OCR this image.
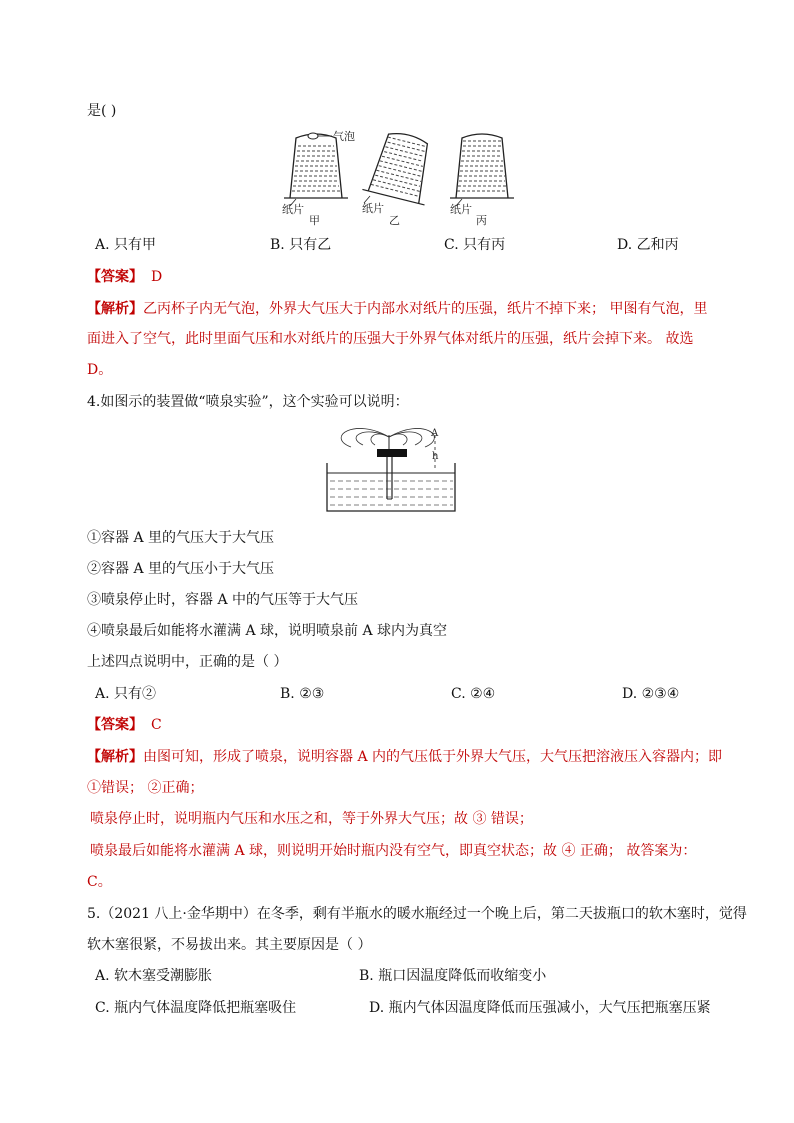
是( )
气泡
纸片
甲
纸片
乙
纸片
丙
A. 只有甲	B. 只有乙	C. 只有丙	D. 乙和丙
【答案】 D
【解析】乙丙杯子内无气泡，外界大气压大于内部水对纸片的压强，纸片不掉下来； 甲图有气泡，里
面进入了空气，此时里面气压和水对纸片的压强大于外界气体对纸片的压强，纸片会掉下来。 故选
D。
4.如图示的装置做“喷泉实验”，这个实验可以说明：
A
h
①容器 A 里的气压大于大气压
②容器 A 里的气压小于大气压
③喷泉停止时，容器 A 中的气压等于大气压
④喷泉最后如能将水灌满 A 球，说明喷泉前 A 球内为真空
上述四点说明中，正确的是（ ）
A. 只有②	B. ②③	C. ②④	D. ②③④
【答案】 C
【解析】由图可知，形成了喷泉，说明容器 A 内的气压低于外界大气压，大气压把溶液压入容器内；即
①错误； ②正确；
喷泉停止时，说明瓶内气压和水压之和，等于外界大气压；故 ③ 错误；
喷泉最后如能将水灌满 A 球，则说明开始时瓶内没有空气，即真空状态；故 ④ 正确； 故答案为：
C。
5.（2021 八上·金华期中）在冬季，剩有半瓶水的暖水瓶经过一个晚上后，第二天拔瓶口的软木塞时，觉得
软木塞很紧，不易拔出来。其主要原因是（ ）
A. 软木塞受潮膨胀	B. 瓶口因温度降低而收缩变小
C. 瓶内气体温度降低把瓶塞吸住	D. 瓶内气体因温度降低而压强减小，大气压把瓶塞压紧
